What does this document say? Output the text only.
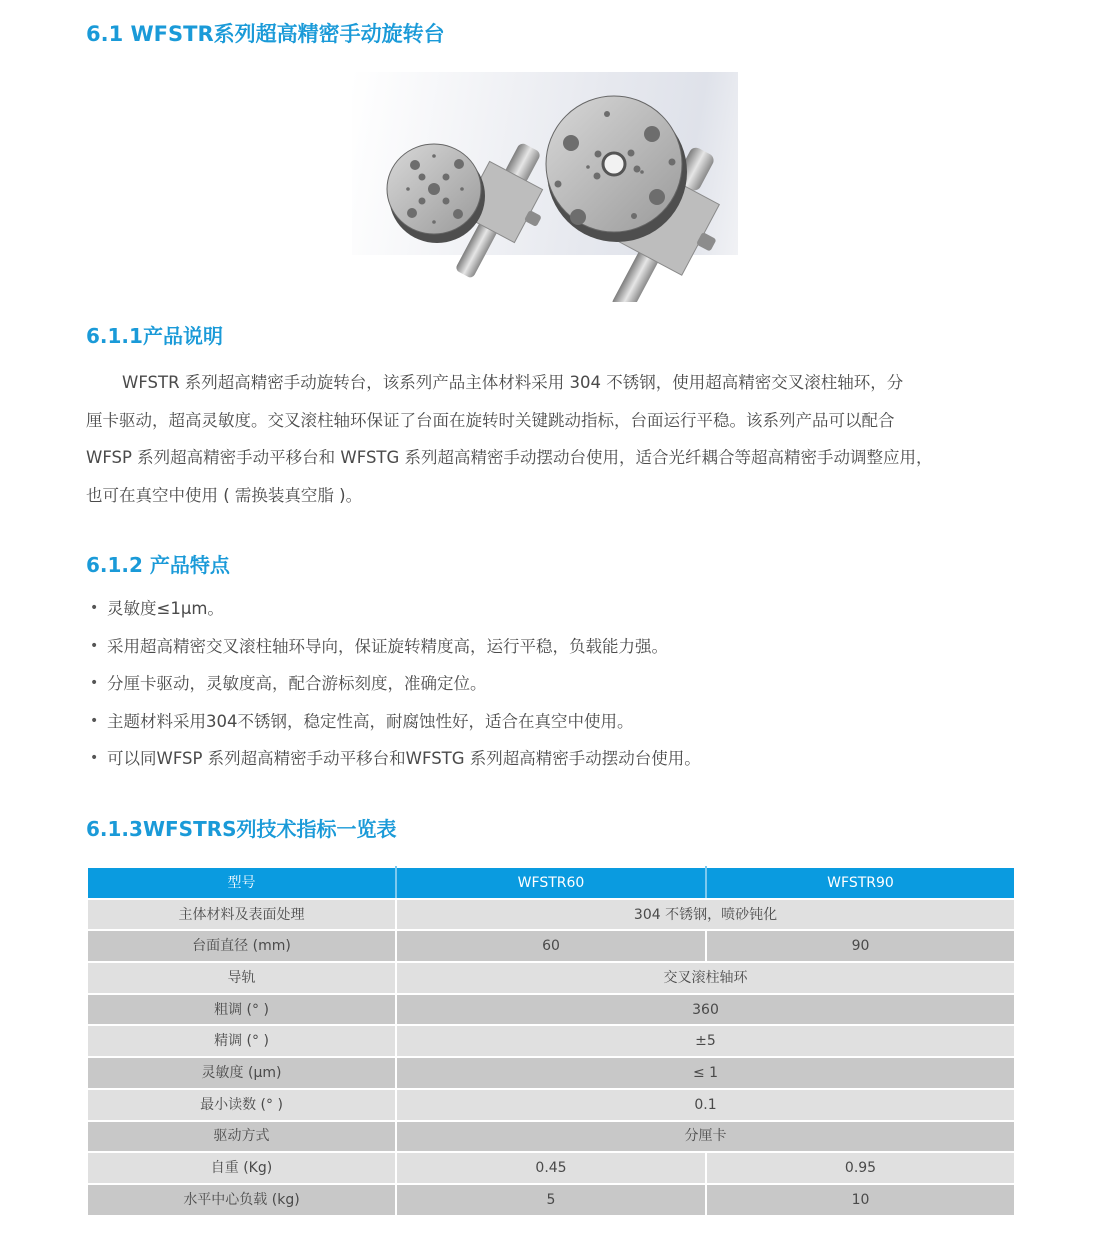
6.1 WFSTR系列超高精密手动旋转台
6.1.1产品说明

WFSTR 系列超高精密手动旋转台，该系列产品主体材料采用 304 不锈钢，使用超高精密交叉滚柱轴环，分
厘卡驱动，超高灵敏度。交叉滚柱轴环保证了台面在旋转时关键跳动指标，台面运行平稳。该系列产品可以配合
WFSP 系列超高精密手动平移台和 WFSTG 系列超高精密手动摆动台使用，适合光纤耦合等超高精密手动调整应用，
也可在真空中使用 ( 需换装真空脂 )。

6.1.2 产品特点
• 灵敏度≤1μm。
• 采用超高精密交叉滚柱轴环导向，保证旋转精度高，运行平稳，负载能力强。
• 分厘卡驱动，灵敏度高，配合游标刻度，准确定位。
• 主题材料采用304不锈钢，稳定性高，耐腐蚀性好，适合在真空中使用。
• 可以同WFSP 系列超高精密手动平移台和WFSTG 系列超高精密手动摆动台使用。
6.1.3WFSTRS列技术指标一览表
型号	WFSTR60	WFSTR90
主体材料及表面处理	304 不锈钢，喷砂钝化	
台面直径 (mm)	60	90
导轨	交叉滚柱轴环	
粗调 (° )	360	
精调 (° )	±5	
灵敏度 (μm)	≤ 1	
最小读数 (° )	0.1	
驱动方式	分厘卡	
自重 (Kg)	0.45	0.95
水平中心负载 (kg)	5	10
